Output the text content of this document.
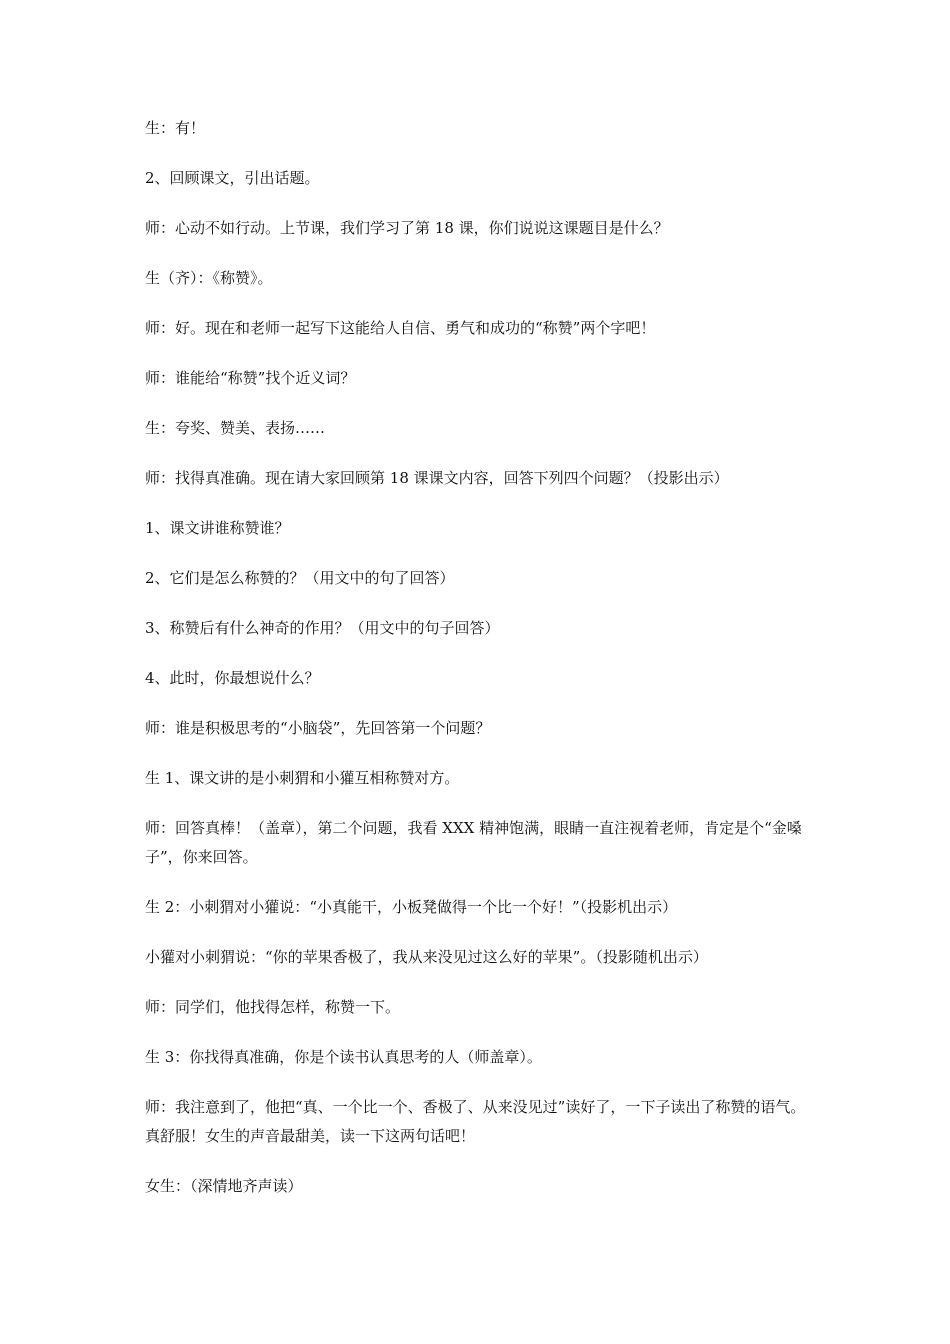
生：有！

2、回顾课文，引出话题。

师：心动不如行动。上节课，我们学习了第 18 课，你们说说这课题目是什么？

生（齐）：《称赞》。

师：好。现在和老师一起写下这能给人自信、勇气和成功的“称赞”两个字吧！

师：谁能给“称赞”找个近义词？

生：夸奖、赞美、表扬……

师：找得真准确。现在请大家回顾第 18 课课文内容，回答下列四个问题？（投影出示）

1、课文讲谁称赞谁？

2、它们是怎么称赞的？（用文中的句了回答）

3、称赞后有什么神奇的作用？（用文中的句子回答）

4、此时，你最想说什么？

师：谁是积极思考的“小脑袋”，先回答第一个问题？

生 1、课文讲的是小刺猬和小獾互相称赞对方。

师：回答真棒！（盖章），第二个问题，我看 XXX 精神饱满，眼睛一直注视着老师，肯定是个“金嗓子”，你来回答。

生 2：小刺猬对小獾说：“小真能干，小板凳做得一个比一个好！”（投影机出示）

小獾对小刺猬说：“你的苹果香极了，我从来没见过这么好的苹果”。（投影随机出示）

师：同学们，他找得怎样，称赞一下。

生 3：你找得真准确，你是个读书认真思考的人（师盖章）。

师：我注意到了，他把“真、一个比一个、香极了、从来没见过”读好了，一下子读出了称赞的语气。真舒服！女生的声音最甜美，读一下这两句话吧！

女生：（深情地齐声读）
